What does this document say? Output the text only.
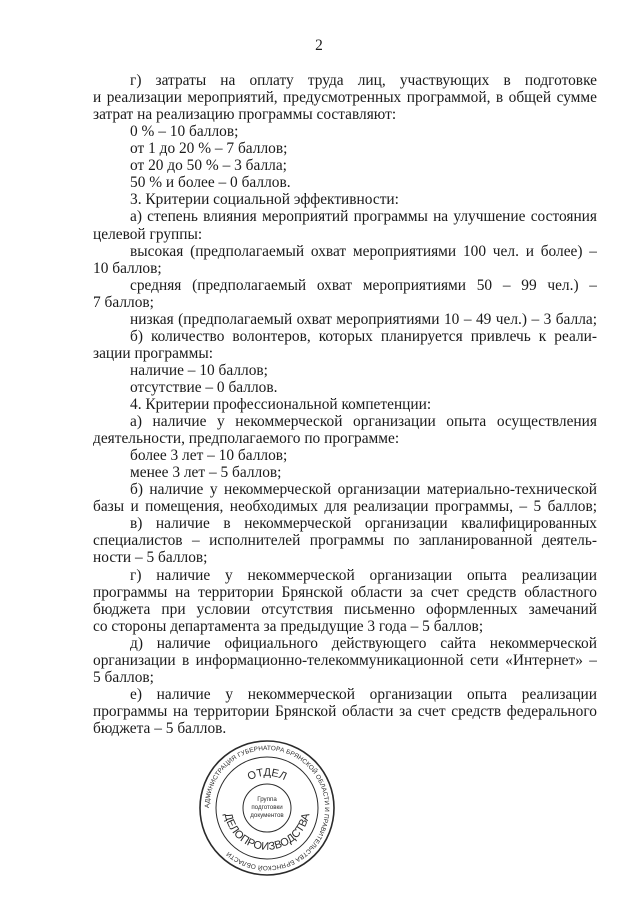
2
г) затраты на оплату труда лиц, участвующих в подготовке
и реализации мероприятий, предусмотренных программой, в общей сумме
затрат на реализацию программы составляют:
0 % – 10 баллов;
от 1 до 20 % – 7 баллов;
от 20 до 50 % – 3 балла;
50 % и более – 0 баллов.
3. Критерии социальной эффективности:
а) степень влияния мероприятий программы на улучшение состояния
целевой группы:
высокая (предполагаемый охват мероприятиями 100 чел. и более) –
10 баллов;
средняя (предполагаемый охват мероприятиями 50 – 99 чел.) –
7 баллов;
низкая (предполагаемый охват мероприятиями 10 – 49 чел.) – 3 балла;
б) количество волонтеров, которых планируется привлечь к реали-
зации программы:
наличие – 10 баллов;
отсутствие – 0 баллов.
4. Критерии профессиональной компетенции:
а) наличие у некоммерческой организации опыта осуществления
деятельности, предполагаемого по программе:
более 3 лет – 10 баллов;
менее 3 лет – 5 баллов;
б) наличие у некоммерческой организации материально-технической
базы и помещения, необходимых для реализации программы, – 5 баллов;
в) наличие в некоммерческой организации квалифицированных
специалистов – исполнителей программы по запланированной деятель-
ности – 5 баллов;
г) наличие у некоммерческой организации опыта реализации
программы на территории Брянской области за счет средств областного
бюджета при условии отсутствия письменно оформленных замечаний
со стороны департамента за предыдущие 3 года – 5 баллов;
д) наличие официального действующего сайта некоммерческой
организации в информационно-телекоммуникационной сети «Интернет» –
5 баллов;
е) наличие у некоммерческой организации опыта реализации
программы на территории Брянской области за счет средств федерального
бюджета – 5 баллов.
АДМИНИСТРАЦИЯ ГУБЕРНАТОРА БРЯНСКОЙ ОБЛАСТИ И ПРАВИТЕЛЬСТВА БРЯНСКОЙ ОБЛАСТИ
ОТДЕЛ
ДЕЛОПРОИЗВОДСТВА
Группа
подготовки
документов
